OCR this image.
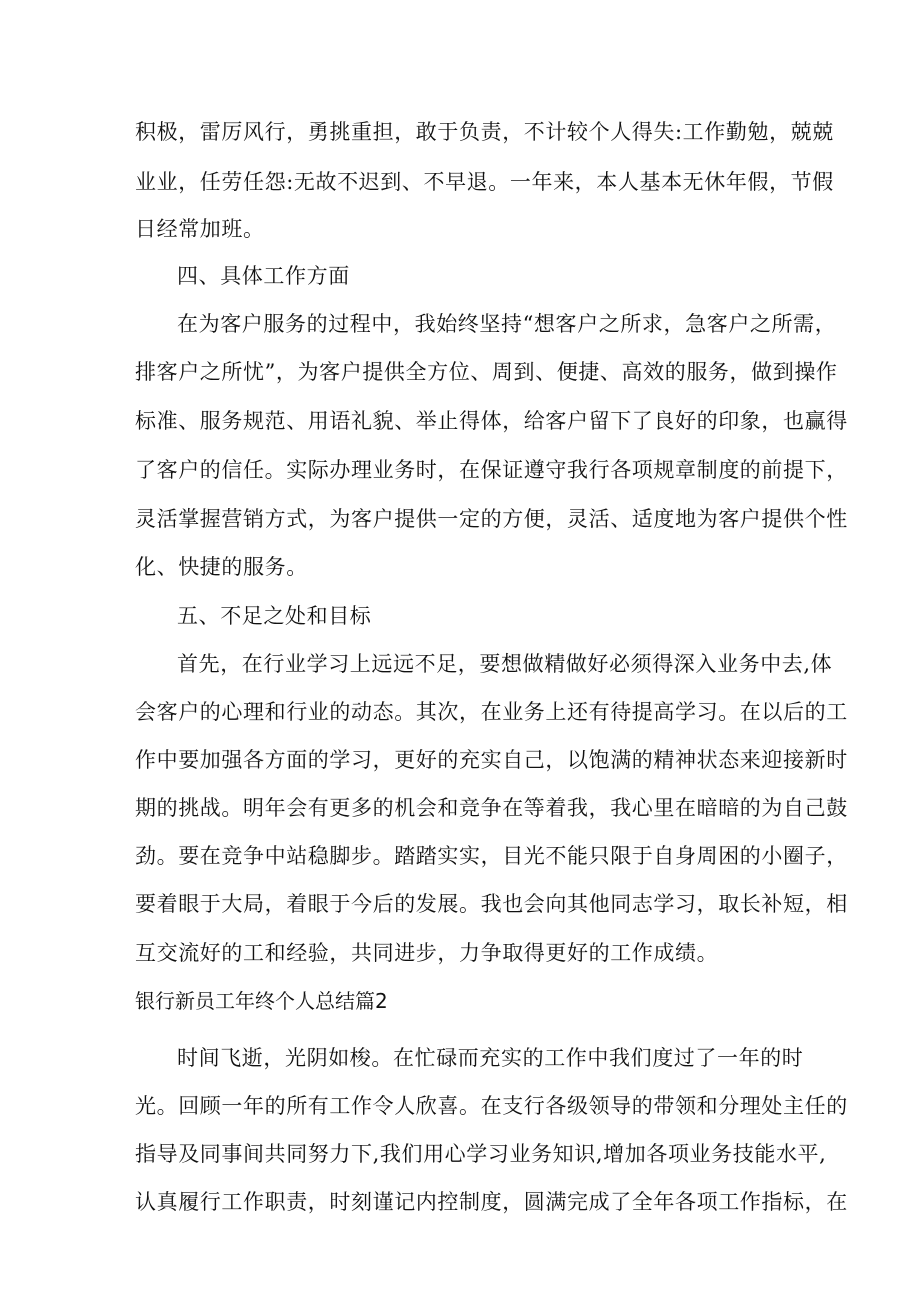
积极，雷厉风行，勇挑重担，敢于负责，不计较个人得失:工作勤勉，兢兢
业业，任劳任怨:无故不迟到、不早退。一年来，本人基本无休年假，节假
日经常加班。
四、具体工作方面
在为客户服务的过程中，我始终坚持“想客户之所求，急客户之所需，
排客户之所忧”，为客户提供全方位、周到、便捷、高效的服务，做到操作
标准、服务规范、用语礼貌、举止得体，给客户留下了良好的印象，也赢得
了客户的信任。实际办理业务时，在保证遵守我行各项规章制度的前提下，
灵活掌握营销方式，为客户提供一定的方便，灵活、适度地为客户提供个性
化、快捷的服务。
五、不足之处和目标
首先，在行业学习上远远不足，要想做精做好必须得深入业务中去,体
会客户的心理和行业的动态。其次，在业务上还有待提高学习。在以后的工
作中要加强各方面的学习，更好的充实自己，以饱满的精神状态来迎接新时
期的挑战。明年会有更多的机会和竞争在等着我，我心里在暗暗的为自己鼓
劲。要在竞争中站稳脚步。踏踏实实，目光不能只限于自身周困的小圈子，
要着眼于大局，着眼于今后的发展。我也会向其他同志学习，取长补短，相
互交流好的工和经验，共同进步，力争取得更好的工作成绩。
银行新员工年终个人总结篇2
时间飞逝，光阴如梭。在忙碌而充实的工作中我们度过了一年的时
光。回顾一年的所有工作令人欣喜。在支行各级领导的带领和分理处主任的
指导及同事间共同努力下,我们用心学习业务知识,增加各项业务技能水平,
认真履行工作职责，时刻谨记内控制度，圆满完成了全年各项工作指标，在
